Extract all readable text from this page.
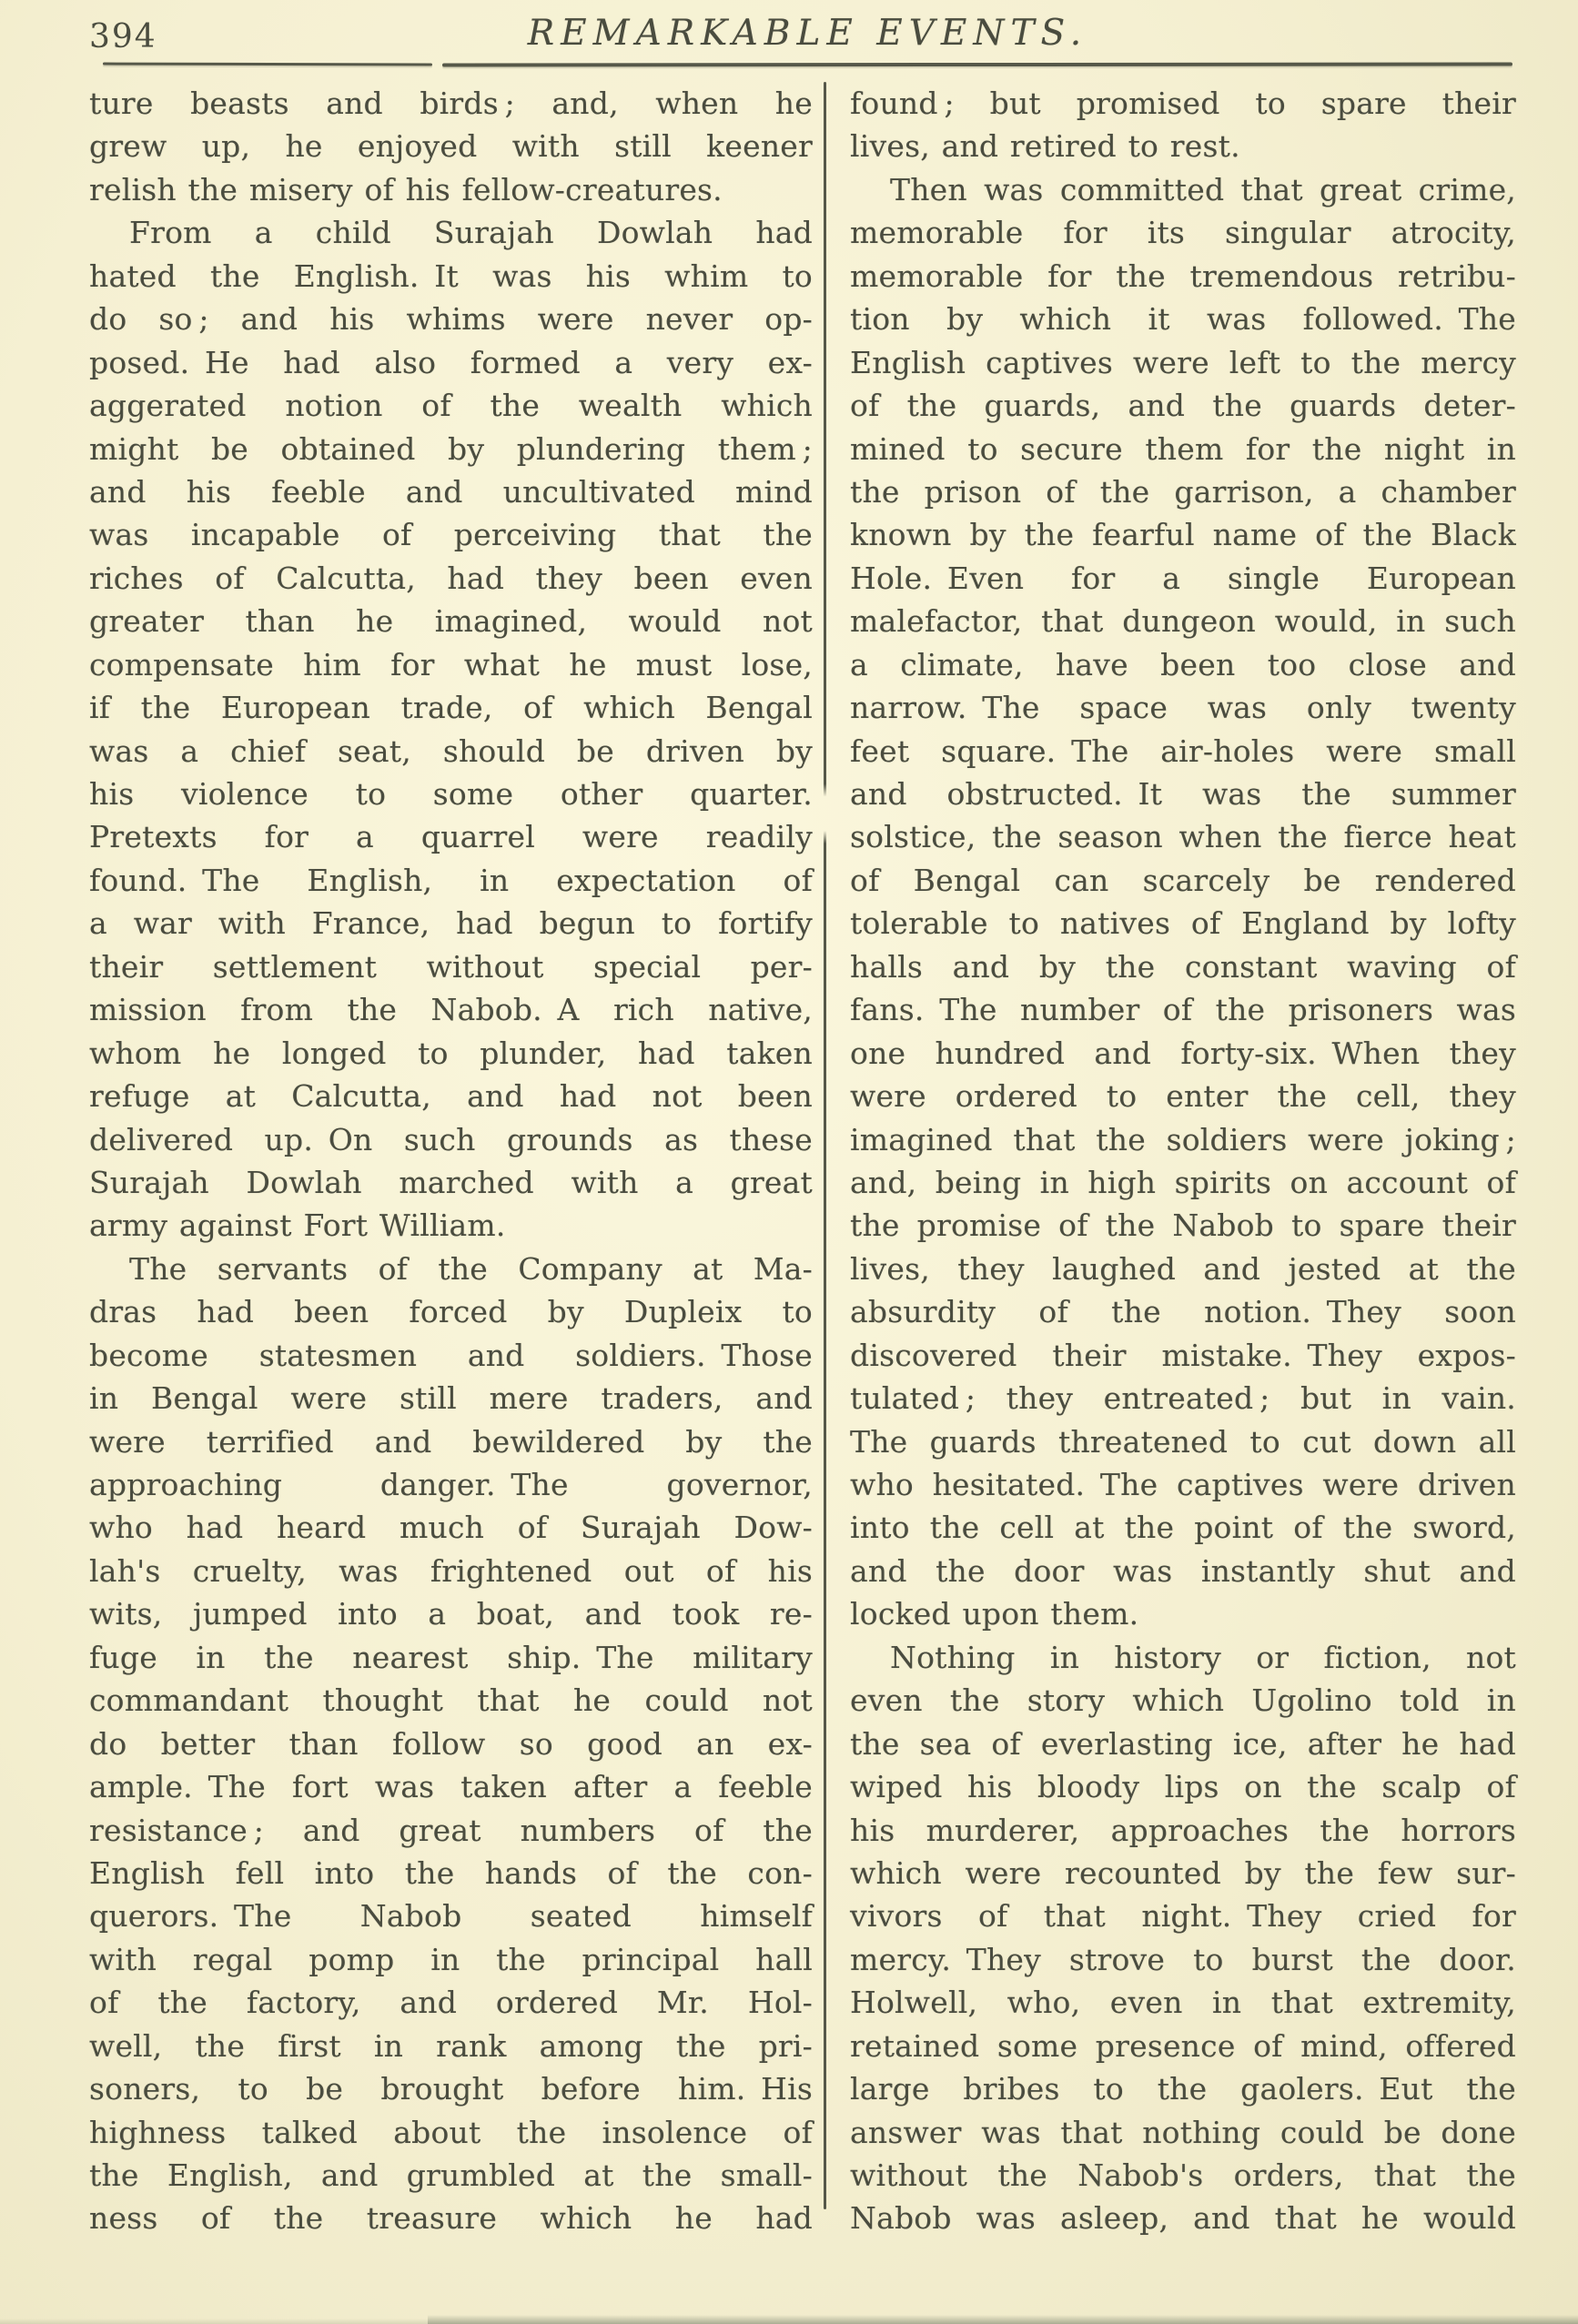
394	REMARKABLE EVENTS.
ture beasts and birds ; and, when he
grew up, he enjoyed with still keener
relish the misery of his fellow-creatures.
From a child Surajah Dowlah had
hated the English. It was his whim to
do so ; and his whims were never op-
posed. He had also formed a very ex-
aggerated notion of the wealth which
might be obtained by plundering them ;
and his feeble and uncultivated mind
was incapable of perceiving that the
riches of Calcutta, had they been even
greater than he imagined, would not
compensate him for what he must lose,
if the European trade, of which Bengal
was a chief seat, should be driven by
his violence to some other quarter.
Pretexts for a quarrel were readily
found. The English, in expectation of
a war with France, had begun to fortify
their settlement without special per-
mission from the Nabob. A rich native,
whom he longed to plunder, had taken
refuge at Calcutta, and had not been
delivered up. On such grounds as these
Surajah Dowlah marched with a great
army against Fort William.
The servants of the Company at Ma-
dras had been forced by Dupleix to
become statesmen and soldiers. Those
in Bengal were still mere traders, and
were terrified and bewildered by the
approaching danger. The governor,
who had heard much of Surajah Dow-
lah's cruelty, was frightened out of his
wits, jumped into a boat, and took re-
fuge in the nearest ship. The military
commandant thought that he could not
do better than follow so good an ex-
ample. The fort was taken after a feeble
resistance ; and great numbers of the
English fell into the hands of the con-
querors. The Nabob seated himself
with regal pomp in the principal hall
of the factory, and ordered Mr. Hol-
well, the first in rank among the pri-
soners, to be brought before him. His
highness talked about the insolence of
the English, and grumbled at the small-
ness of the treasure which he had
found ; but promised to spare their
lives, and retired to rest.
Then was committed that great crime,
memorable for its singular atrocity,
memorable for the tremendous retribu-
tion by which it was followed. The
English captives were left to the mercy
of the guards, and the guards deter-
mined to secure them for the night in
the prison of the garrison, a chamber
known by the fearful name of the Black
Hole. Even for a single European
malefactor, that dungeon would, in such
a climate, have been too close and
narrow. The space was only twenty
feet square. The air-holes were small
and obstructed. It was the summer
solstice, the season when the fierce heat
of Bengal can scarcely be rendered
tolerable to natives of England by lofty
halls and by the constant waving of
fans. The number of the prisoners was
one hundred and forty-six. When they
were ordered to enter the cell, they
imagined that the soldiers were joking ;
and, being in high spirits on account of
the promise of the Nabob to spare their
lives, they laughed and jested at the
absurdity of the notion. They soon
discovered their mistake. They expos-
tulated ; they entreated ; but in vain.
The guards threatened to cut down all
who hesitated. The captives were driven
into the cell at the point of the sword,
and the door was instantly shut and
locked upon them.
Nothing in history or fiction, not
even the story which Ugolino told in
the sea of everlasting ice, after he had
wiped his bloody lips on the scalp of
his murderer, approaches the horrors
which were recounted by the few sur-
vivors of that night. They cried for
mercy. They strove to burst the door.
Holwell, who, even in that extremity,
retained some presence of mind, offered
large bribes to the gaolers. Eut the
answer was that nothing could be done
without the Nabob's orders, that the
Nabob was asleep, and that he would
